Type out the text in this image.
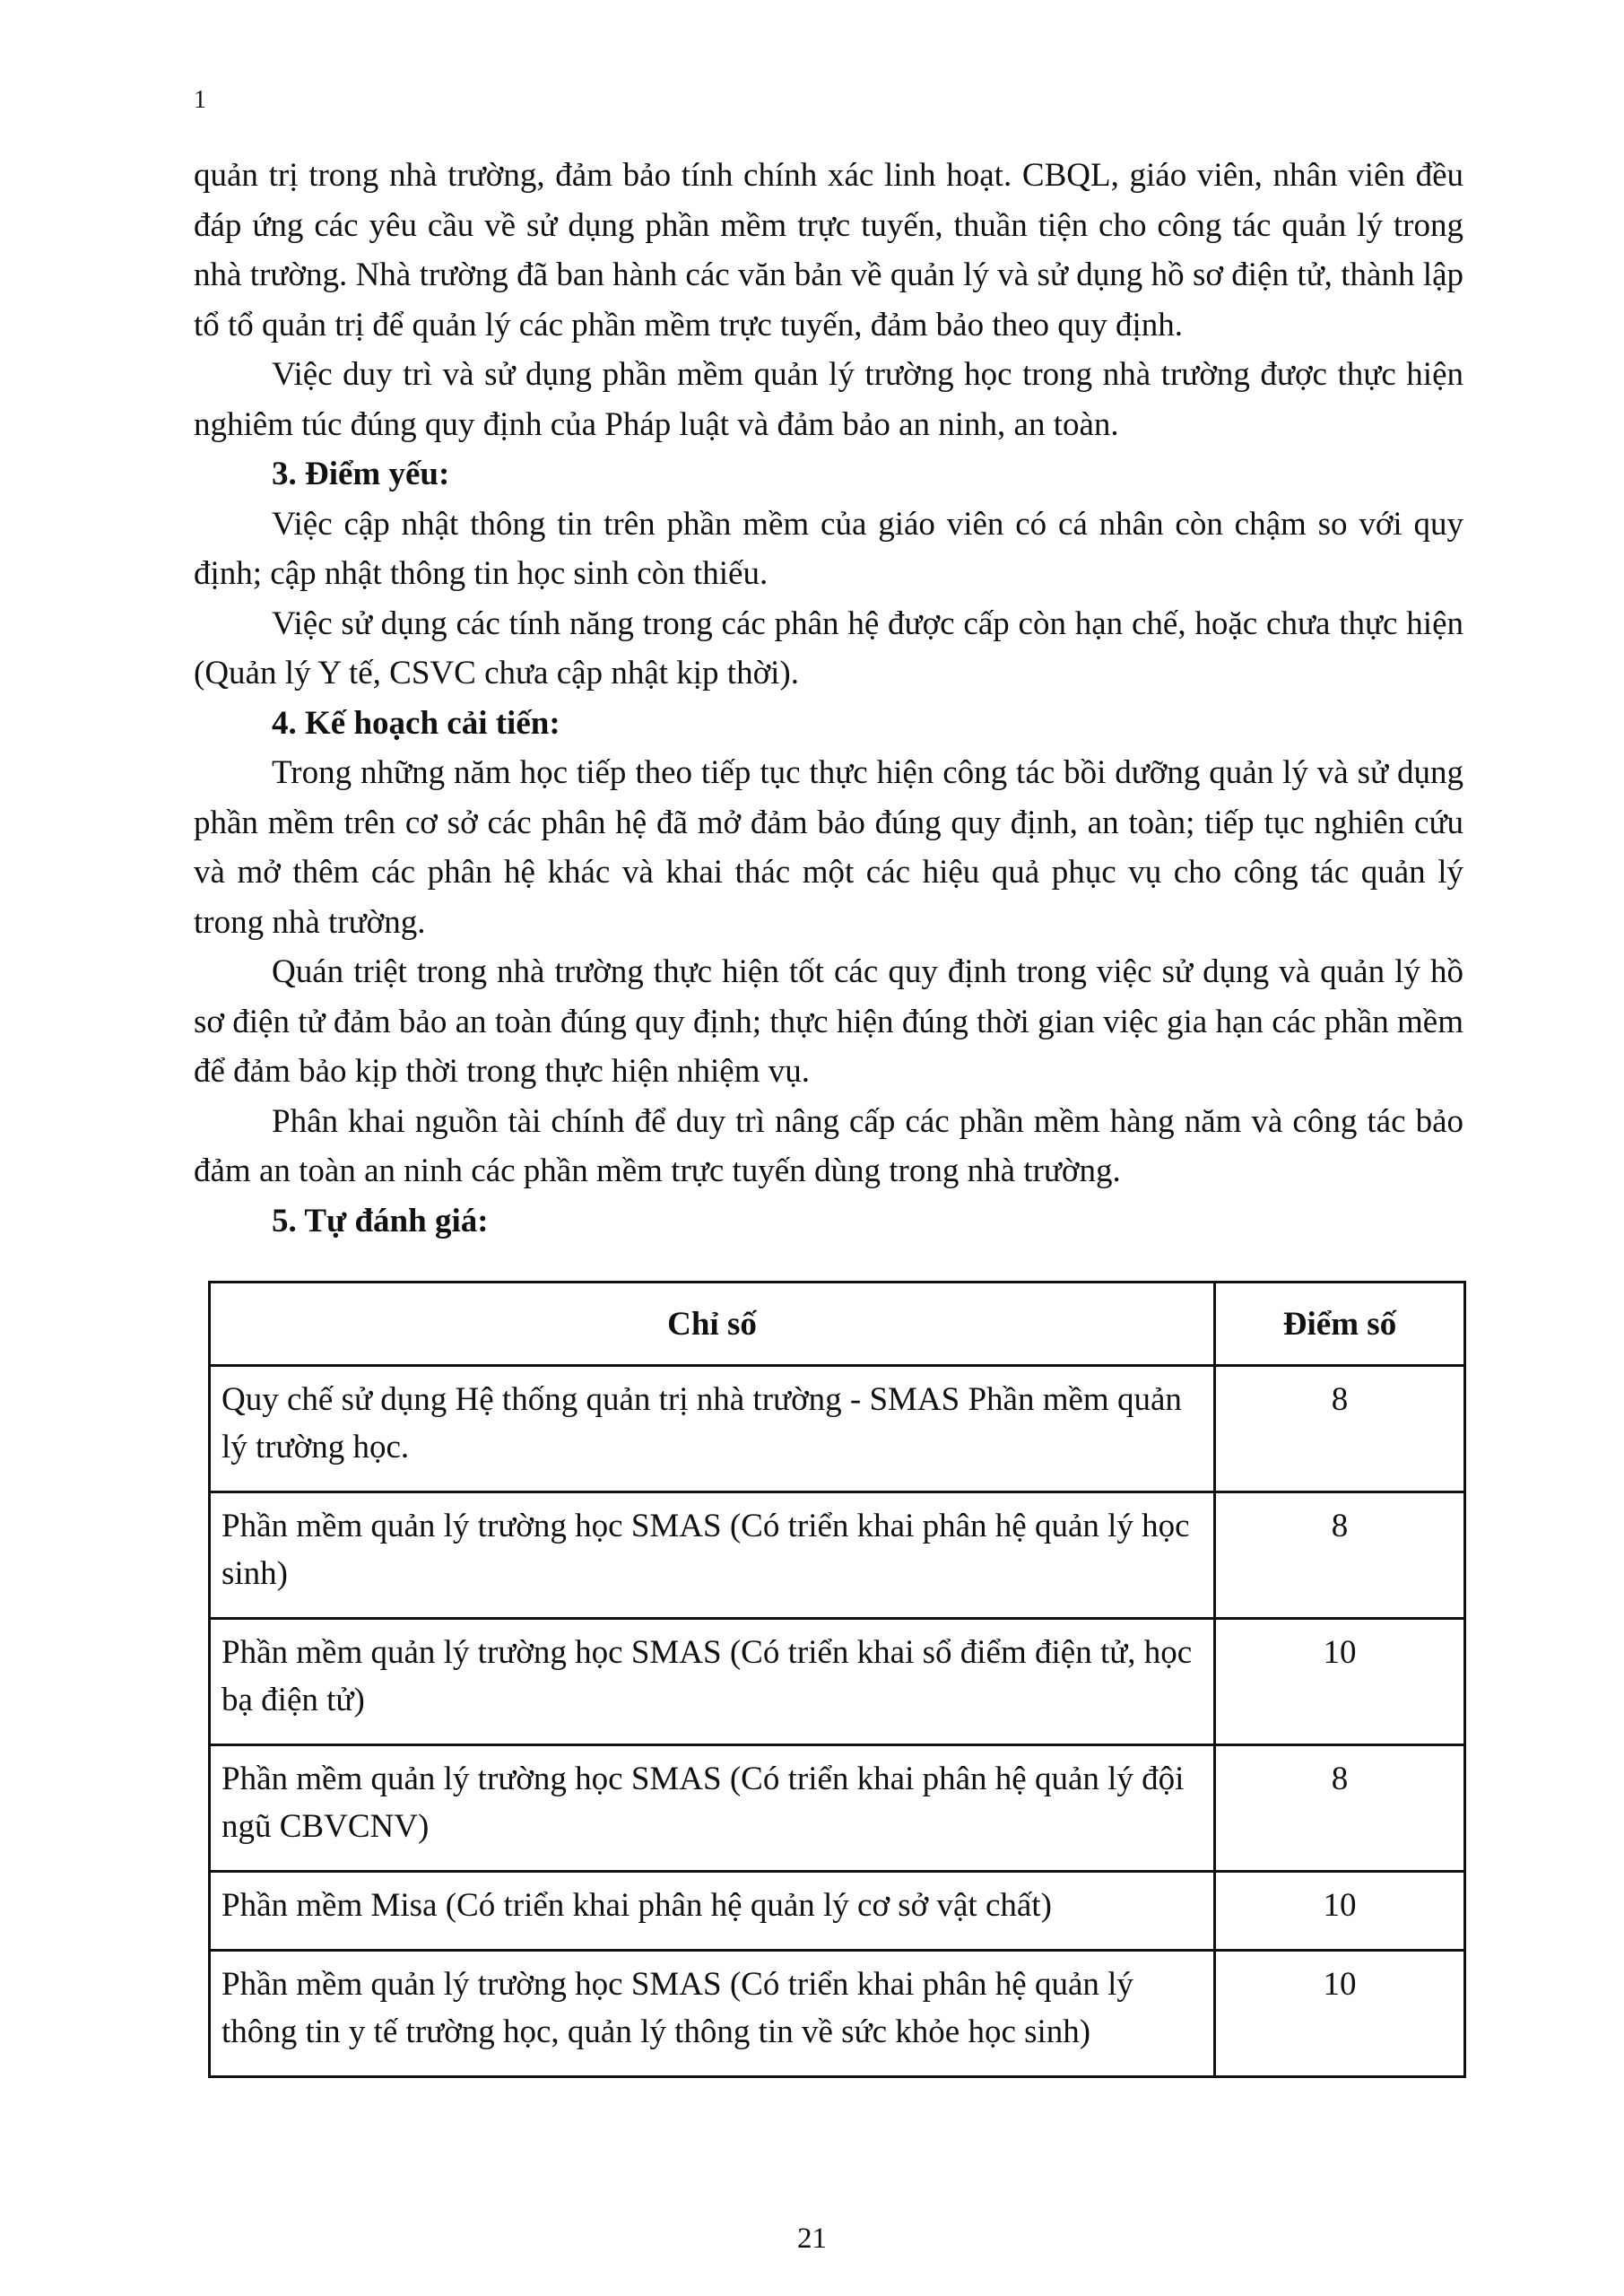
1

quản trị trong nhà trường, đảm bảo tính chính xác linh hoạt. CBQL, giáo viên, nhân viên đều đáp ứng các yêu cầu về sử dụng phần mềm trực tuyến, thuần tiện cho công tác quản lý trong nhà trường. Nhà trường đã ban hành các văn bản về quản lý và sử dụng hồ sơ điện tử, thành lập tổ tổ quản trị để quản lý các phần mềm trực tuyến, đảm bảo theo quy định.

Việc duy trì và sử dụng phần mềm quản lý trường học trong nhà trường được thực hiện nghiêm túc đúng quy định của Pháp luật và đảm bảo an ninh, an toàn.

3. Điểm yếu:

Việc cập nhật thông tin trên phần mềm của giáo viên có cá nhân còn chậm so với quy định; cập nhật thông tin học sinh còn thiếu.

Việc sử dụng các tính năng trong các phân hệ được cấp còn hạn chế, hoặc chưa thực hiện (Quản lý Y tế, CSVC chưa cập nhật kịp thời).

4. Kế hoạch cải tiến:

Trong những năm học tiếp theo tiếp tục thực hiện công tác bồi dưỡng quản lý và sử dụng phần mềm trên cơ sở các phân hệ đã mở đảm bảo đúng quy định, an toàn; tiếp tục nghiên cứu và mở thêm các phân hệ khác và khai thác một các hiệu quả phục vụ cho công tác quản lý trong nhà trường.

Quán triệt trong nhà trường thực hiện tốt các quy định trong việc sử dụng và quản lý hồ sơ điện tử đảm bảo an toàn đúng quy định; thực hiện đúng thời gian việc gia hạn các phần mềm để đảm bảo kịp thời trong thực hiện nhiệm vụ.

Phân khai nguồn tài chính để duy trì nâng cấp các phần mềm hàng năm và công tác bảo đảm an toàn an ninh các phần mềm trực tuyến dùng trong nhà trường.

5. Tự đánh giá:

Chỉ số	Điểm số
Quy chế sử dụng Hệ thống quản trị nhà trường - SMAS Phần mềm quản lý trường học.	8
Phần mềm quản lý trường học SMAS (Có triển khai phân hệ quản lý học sinh)	8
Phần mềm quản lý trường học SMAS (Có triển khai sổ điểm điện tử, học bạ điện tử)	10
Phần mềm quản lý trường học SMAS (Có triển khai phân hệ quản lý đội ngũ CBVCNV)	8
Phần mềm Misa (Có triển khai phân hệ quản lý cơ sở vật chất)	10
Phần mềm quản lý trường học SMAS (Có triển khai phân hệ quản lý thông tin y tế trường học, quản lý thông tin về sức khỏe học sinh)	10
21
